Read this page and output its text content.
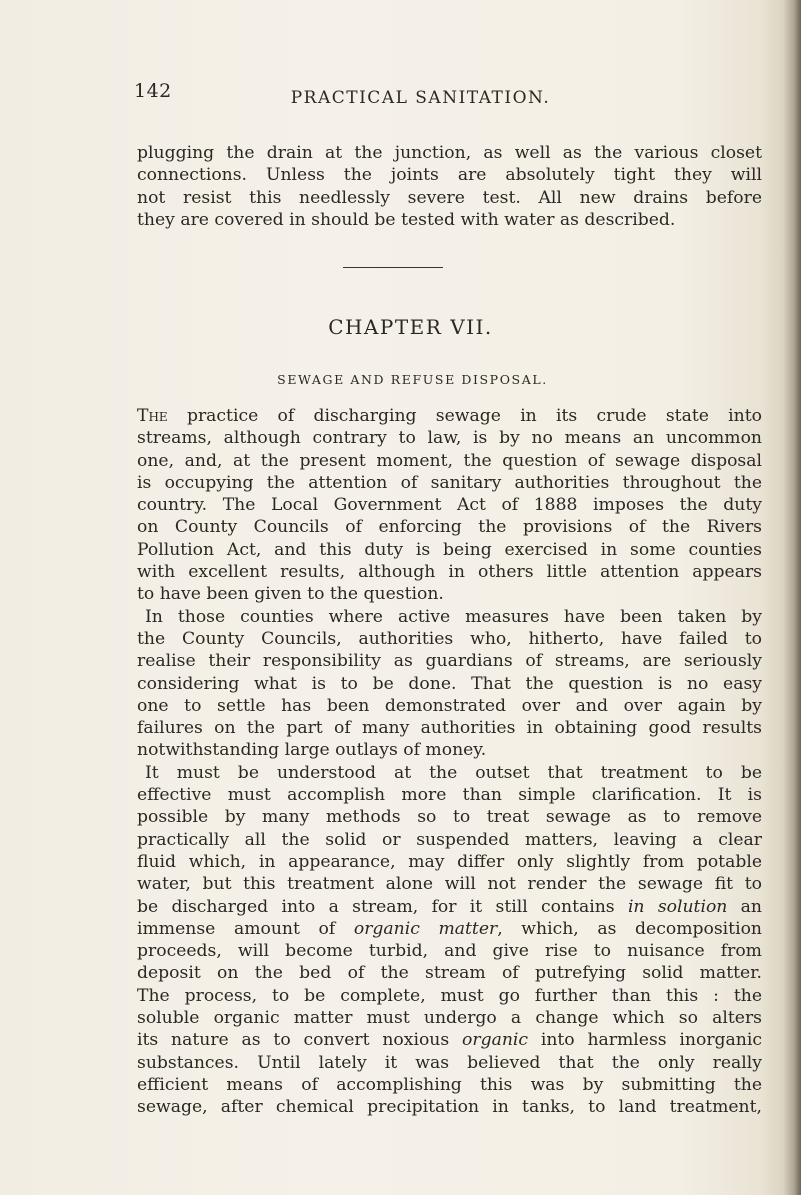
142	PRACTICAL SANITATION.
plugging the drain at the junction, as well as the various closet
connections. Unless the joints are absolutely tight they will
not resist this needlessly severe test. All new drains before
they are covered in should be tested with water as described.
CHAPTER VII.
SEWAGE AND REFUSE DISPOSAL.
The practice of discharging sewage in its crude state into
streams, although contrary to law, is by no means an uncommon
one, and, at the present moment, the question of sewage disposal
is occupying the attention of sanitary authorities throughout the
country. The Local Government Act of 1888 imposes the duty
on County Councils of enforcing the provisions of the Rivers
Pollution Act, and this duty is being exercised in some counties
with excellent results, although in others little attention appears
to have been given to the question.
In those counties where active measures have been taken by
the County Councils, authorities who, hitherto, have failed to
realise their responsibility as guardians of streams, are seriously
considering what is to be done. That the question is no easy
one to settle has been demonstrated over and over again by
failures on the part of many authorities in obtaining good results
notwithstanding large outlays of money.
It must be understood at the outset that treatment to be
effective must accomplish more than simple clarification. It is
possible by many methods so to treat sewage as to remove
practically all the solid or suspended matters, leaving a clear
fluid which, in appearance, may differ only slightly from potable
water, but this treatment alone will not render the sewage fit to
be discharged into a stream, for it still contains in solution an
immense amount of organic matter, which, as decomposition
proceeds, will become turbid, and give rise to nuisance from
deposit on the bed of the stream of putrefying solid matter.
The process, to be complete, must go further than this : the
soluble organic matter must undergo a change which so alters
its nature as to convert noxious organic into harmless inorganic
substances. Until lately it was believed that the only really
efficient means of accomplishing this was by submitting the
sewage, after chemical precipitation in tanks, to land treatment,
